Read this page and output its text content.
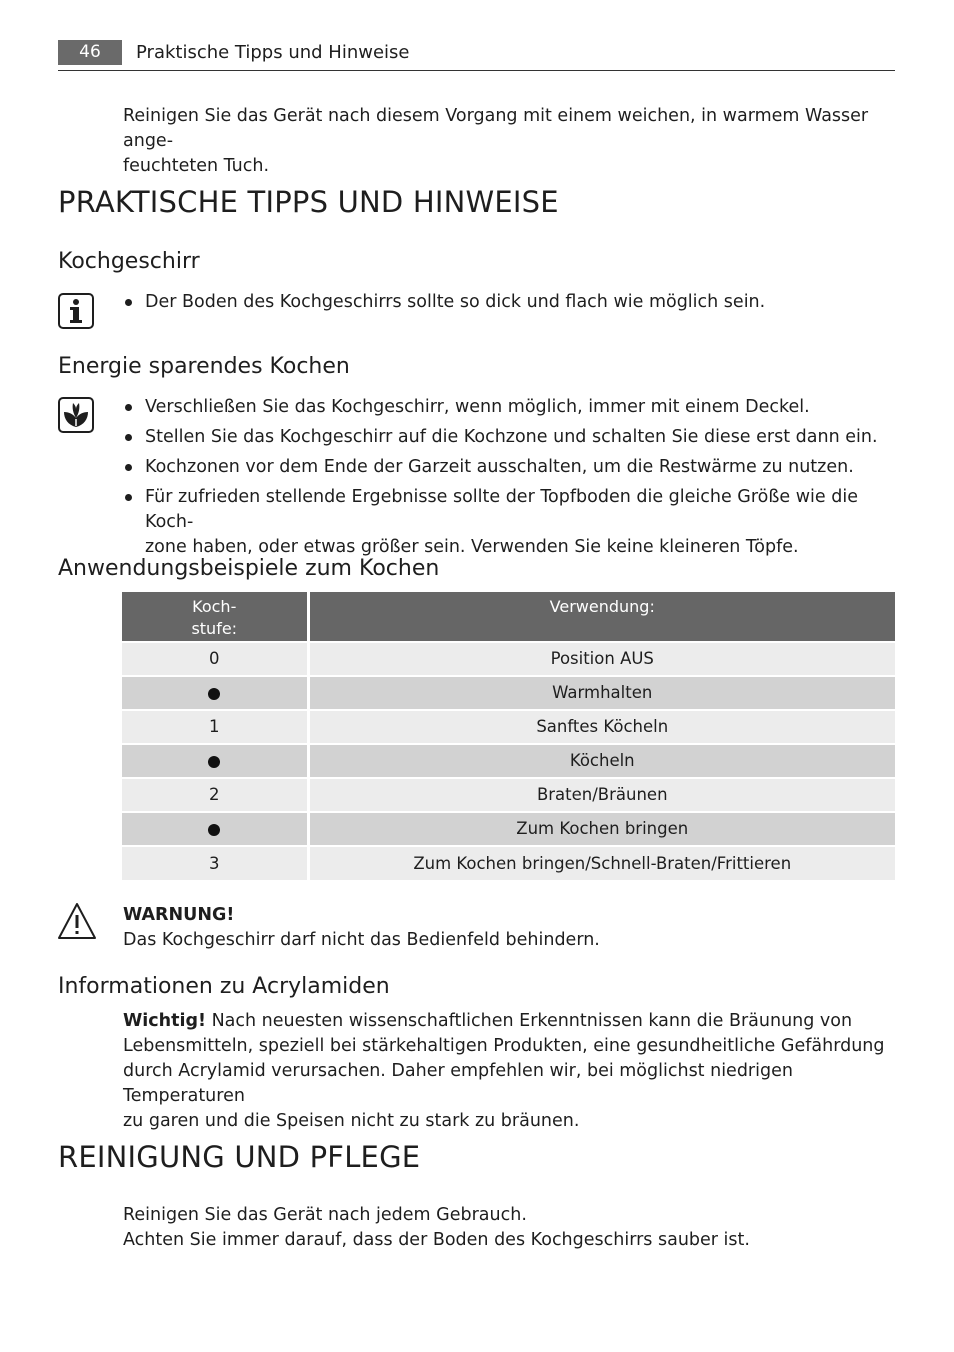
46	Praktische Tipps und Hinweise
Reinigen Sie das Gerät nach diesem Vorgang mit einem weichen, in warmem Wasser ange-
feuchteten Tuch.
PRAKTISCHE TIPPS UND HINWEISE
Kochgeschirr
Der Boden des Kochgeschirrs sollte so dick und flach wie möglich sein.
Energie sparendes Kochen
Verschließen Sie das Kochgeschirr, wenn möglich, immer mit einem Deckel.
Stellen Sie das Kochgeschirr auf die Kochzone und schalten Sie diese erst dann ein.
Kochzonen vor dem Ende der Garzeit ausschalten, um die Restwärme zu nutzen.
Für zufrieden stellende Ergebnisse sollte der Topfboden die gleiche Größe wie die Koch-
zone haben, oder etwas größer sein. Verwenden Sie keine kleineren Töpfe.
Anwendungsbeispiele zum Kochen
Koch-
stufe:	Verwendung:
0	Position AUS
	Warmhalten
1	Sanftes Köcheln
	Köcheln
2	Braten/Bräunen
	Zum Kochen bringen
3	Zum Kochen bringen/Schnell-Braten/Frittieren
WARNUNG!
Das Kochgeschirr darf nicht das Bedienfeld behindern.
Informationen zu Acrylamiden
Wichtig! Nach neuesten wissenschaftlichen Erkenntnissen kann die Bräunung von
Lebensmitteln, speziell bei stärkehaltigen Produkten, eine gesundheitliche Gefährdung
durch Acrylamid verursachen. Daher empfehlen wir, bei möglichst niedrigen Temperaturen
zu garen und die Speisen nicht zu stark zu bräunen.
REINIGUNG UND PFLEGE
Reinigen Sie das Gerät nach jedem Gebrauch.
Achten Sie immer darauf, dass der Boden des Kochgeschirrs sauber ist.
